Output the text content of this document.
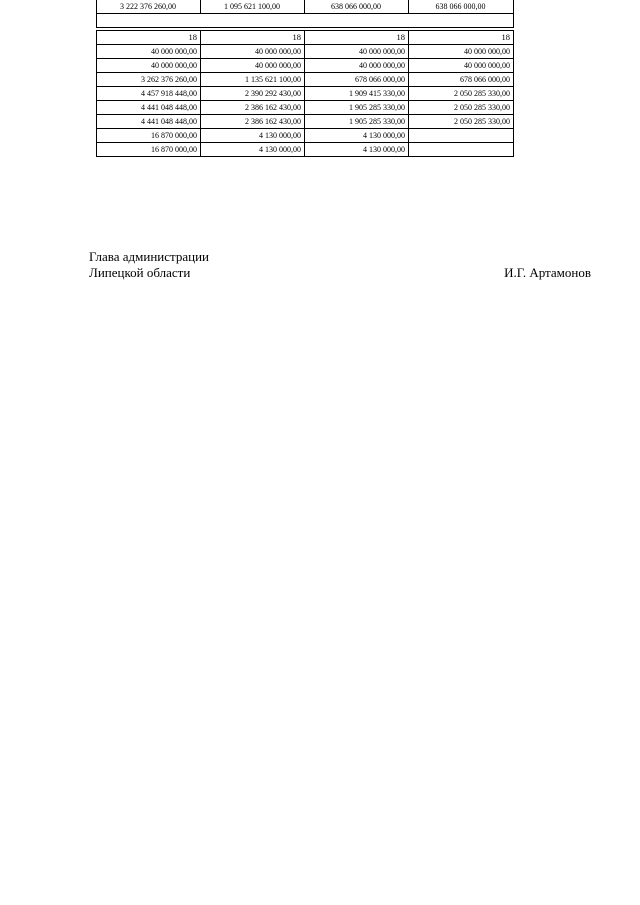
3 222 376 260,00	1 095 621 100,00	638 066 000,00	638 066 000,00

18	18	18	18
40 000 000,00	40 000 000,00	40 000 000,00	40 000 000,00
40 000 000,00	40 000 000,00	40 000 000,00	40 000 000,00
3 262 376 260,00	1 135 621 100,00	678 066 000,00	678 066 000,00
4 457 918 448,00	2 390 292 430,00	1 909 415 330,00	2 050 285 330,00
4 441 048 448,00	2 386 162 430,00	1 905 285 330,00	2 050 285 330,00
4 441 048 448,00	2 386 162 430,00	1 905 285 330,00	2 050 285 330,00
16 870 000,00	4 130 000,00	4 130 000,00	
16 870 000,00	4 130 000,00	4 130 000,00	
Глава администрации
Липецкой области	И.Г. Артамонов
